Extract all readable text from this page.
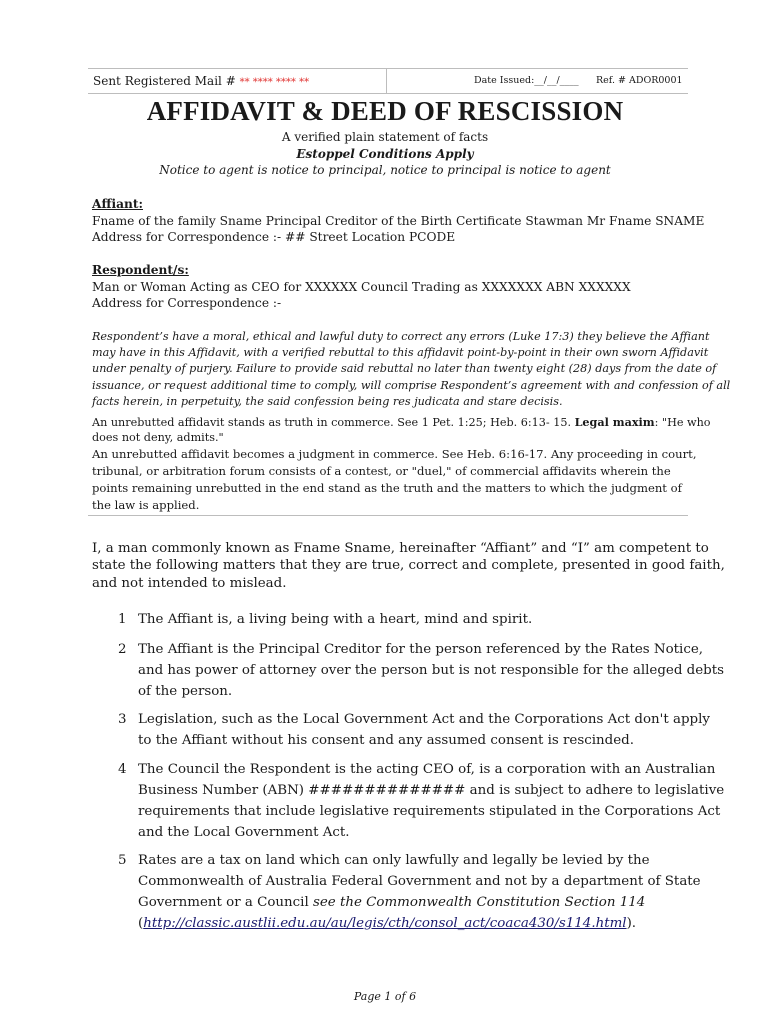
Sent Registered Mail # ** **** **** **	Date Issued:__/__/____ Ref. # ADOR0001
AFFIDAVIT & DEED OF RESCISSION
A verified plain statement of facts
Estoppel Conditions Apply
Notice to agent is notice to principal, notice to principal is notice to agent
Affiant:
Fname of the family Sname Principal Creditor of the Birth Certificate Stawman Mr Fname SNAME
Address for Correspondence :- ## Street Location PCODE
Respondent/s:
Man or Woman Acting as CEO for XXXXXX Council Trading as XXXXXXX ABN XXXXXX
Address for Correspondence :-
Respondent’s have a moral, ethical and lawful duty to correct any errors (Luke 17:3) they believe the Affiant
may have in this Affidavit, with a verified rebuttal to this affidavit point-by-point in their own sworn Affidavit
under penalty of purjery. Failure to provide said rebuttal no later than twenty eight (28) days from the date of
issuance, or request additional time to comply, will comprise Respondent’s agreement with and confession of all
facts herein, in perpetuity, the said confession being res judicata and stare decisis.
An unrebutted affidavit stands as truth in commerce. See 1 Pet. 1:25; Heb. 6:13- 15. Legal maxim: "He who
does not deny, admits."
An unrebutted affidavit becomes a judgment in commerce. See Heb. 6:16-17. Any proceeding in court,
tribunal, or arbitration forum consists of a contest, or "duel," of commercial affidavits wherein the
points remaining unrebutted in the end stand as the truth and the matters to which the judgment of
the law is applied.
I, a man commonly known as Fname Sname, hereinafter “Affiant” and “I” am competent to
state the following matters that they are true, correct and complete, presented in good faith,
and not intended to mislead.
1 The Affiant is, a living being with a heart, mind and spirit.
2 The Affiant is the Principal Creditor for the person referenced by the Rates Notice,
and has power of attorney over the person but is not responsible for the alleged debts
of the person.
3 Legislation, such as the Local Government Act and the Corporations Act don't apply
to the Affiant without his consent and any assumed consent is rescinded.
4 The Council the Respondent is the acting CEO of, is a corporation with an Australian
Business Number (ABN) ############## and is subject to adhere to legislative
requirements that include legislative requirements stipulated in the Corporations Act
and the Local Government Act.
5 Rates are a tax on land which can only lawfully and legally be levied by the
Commonwealth of Australia Federal Government and not by a department of State
Government or a Council see the Commonwealth Constitution Section 114
(http://classic.austlii.edu.au/au/legis/cth/consol_act/coaca430/s114.html).
Page 1 of 6
